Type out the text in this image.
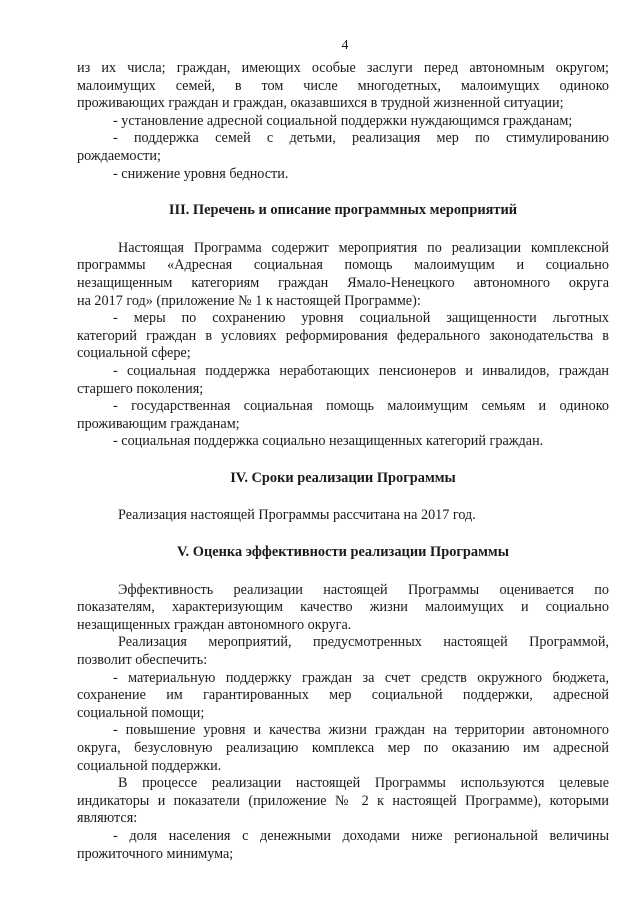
4

из их числа; граждан, имеющих особые заслуги перед автономным округом;

малоимущих семей, в том числе многодетных, малоимущих одиноко

проживающих граждан и граждан, оказавшихся в трудной жизненной ситуации;

- установление адресной социальной поддержки нуждающимся гражданам;

- поддержка семей с детьми, реализация мер по стимулированию

рождаемости;

- снижение уровня бедности.

III. Перечень и описание программных мероприятий

Настоящая Программа содержит мероприятия по реализации комплексной

программы «Адресная социальная помощь малоимущим и социально

незащищенным категориям граждан Ямало-Ненецкого автономного округа

на 2017 год» (приложение № 1 к настоящей Программе):

- меры по сохранению уровня социальной защищенности льготных

категорий граждан в условиях реформирования федерального законодательства в

социальной сфере;

- социальная поддержка неработающих пенсионеров и инвалидов, граждан

старшего поколения;

- государственная социальная помощь малоимущим семьям и одиноко

проживающим гражданам;

- социальная поддержка социально незащищенных категорий граждан.

IV. Сроки реализации Программы

Реализация настоящей Программы рассчитана на 2017 год.

V. Оценка эффективности реализации Программы

Эффективность реализации настоящей Программы оценивается по

показателям, характеризующим качество жизни малоимущих и социально

незащищенных граждан автономного округа.

Реализация мероприятий, предусмотренных настоящей Программой,

позволит обеспечить:

- материальную поддержку граждан за счет средств окружного бюджета,

сохранение им гарантированных мер социальной поддержки, адресной

социальной помощи;

- повышение уровня и качества жизни граждан на территории автономного

округа, безусловную реализацию комплекса мер по оказанию им адресной

социальной поддержки.

В процессе реализации настоящей Программы используются целевые

индикаторы и показатели (приложение № 2 к настоящей Программе), которыми

являются:

- доля населения с денежными доходами ниже региональной величины

прожиточного минимума;
